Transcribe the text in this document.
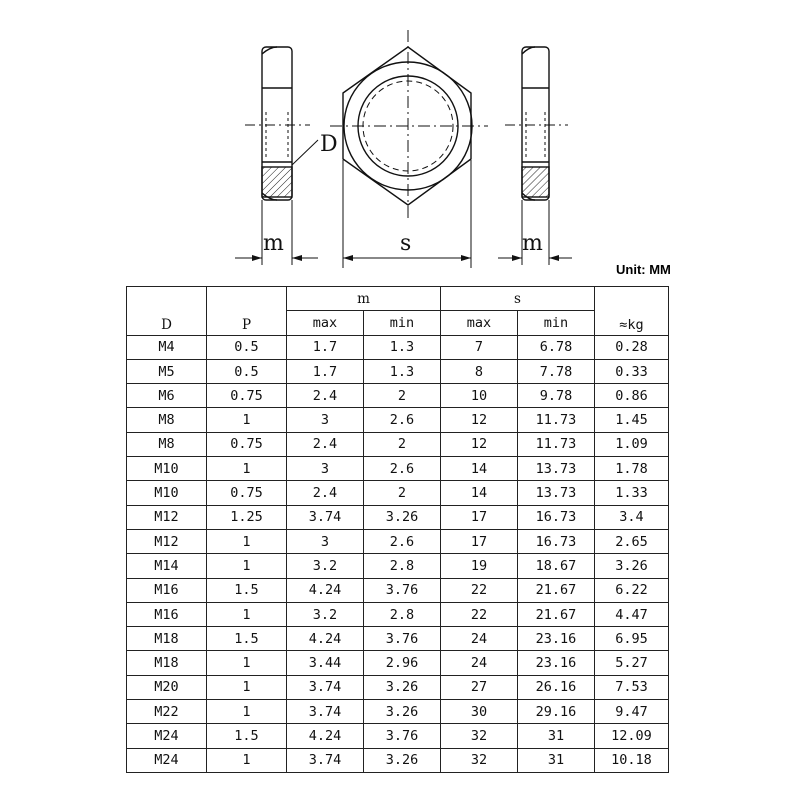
D
m	s	m
Unit: MM
D	P	m		s		≈kg
		max	min	max	min	
M4	0.5	1.7	1.3	7	6.78	0.28
M5	0.5	1.7	1.3	8	7.78	0.33
M6	0.75	2.4	2	10	9.78	0.86
M8	1	3	2.6	12	11.73	1.45
M8	0.75	2.4	2	12	11.73	1.09
M10	1	3	2.6	14	13.73	1.78
M10	0.75	2.4	2	14	13.73	1.33
M12	1.25	3.74	3.26	17	16.73	3.4
M12	1	3	2.6	17	16.73	2.65
M14	1	3.2	2.8	19	18.67	3.26
M16	1.5	4.24	3.76	22	21.67	6.22
M16	1	3.2	2.8	22	21.67	4.47
M18	1.5	4.24	3.76	24	23.16	6.95
M18	1	3.44	2.96	24	23.16	5.27
M20	1	3.74	3.26	27	26.16	7.53
M22	1	3.74	3.26	30	29.16	9.47
M24	1.5	4.24	3.76	32	31	12.09
M24	1	3.74	3.26	32	31	10.18
